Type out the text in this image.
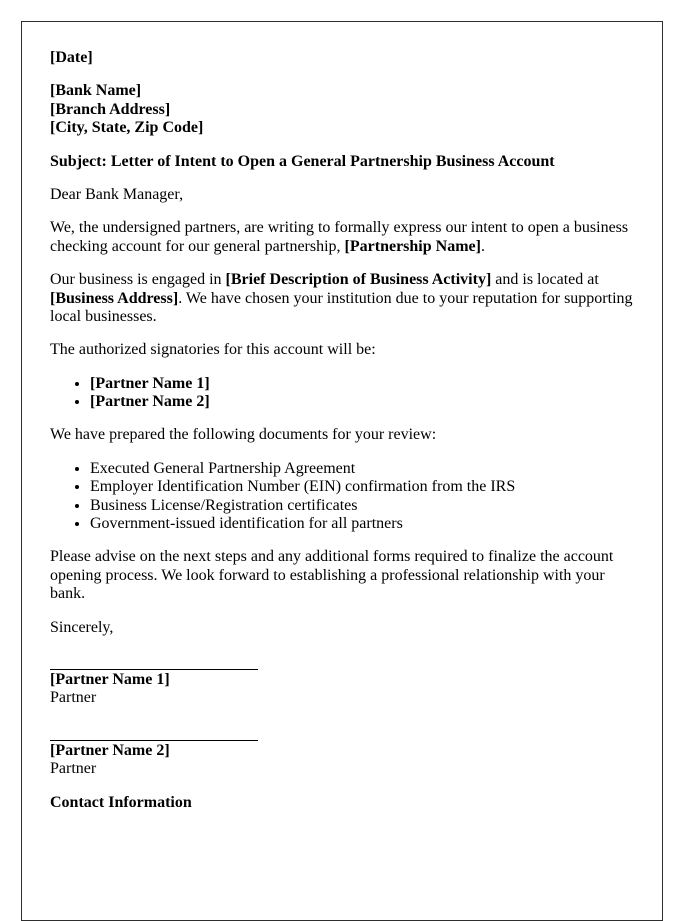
[Date]

[Bank Name]
[Branch Address]
[City, State, Zip Code]

Subject: Letter of Intent to Open a General Partnership Business Account

Dear Bank Manager,

We, the undersigned partners, are writing to formally express our intent to open a business checking account for our general partnership, [Partnership Name].

Our business is engaged in [Brief Description of Business Activity] and is located at [Business Address]. We have chosen your institution due to your reputation for supporting local businesses.

The authorized signatories for this account will be:

• [Partner Name 1]
• [Partner Name 2]

We have prepared the following documents for your review:

• Executed General Partnership Agreement
• Employer Identification Number (EIN) confirmation from the IRS
• Business License/Registration certificates
• Government-issued identification for all partners

Please advise on the next steps and any additional forms required to finalize the account opening process. We look forward to establishing a professional relationship with your bank.

Sincerely,

[Partner Name 1]
Partner
[Partner Name 2]
Partner

Contact Information
